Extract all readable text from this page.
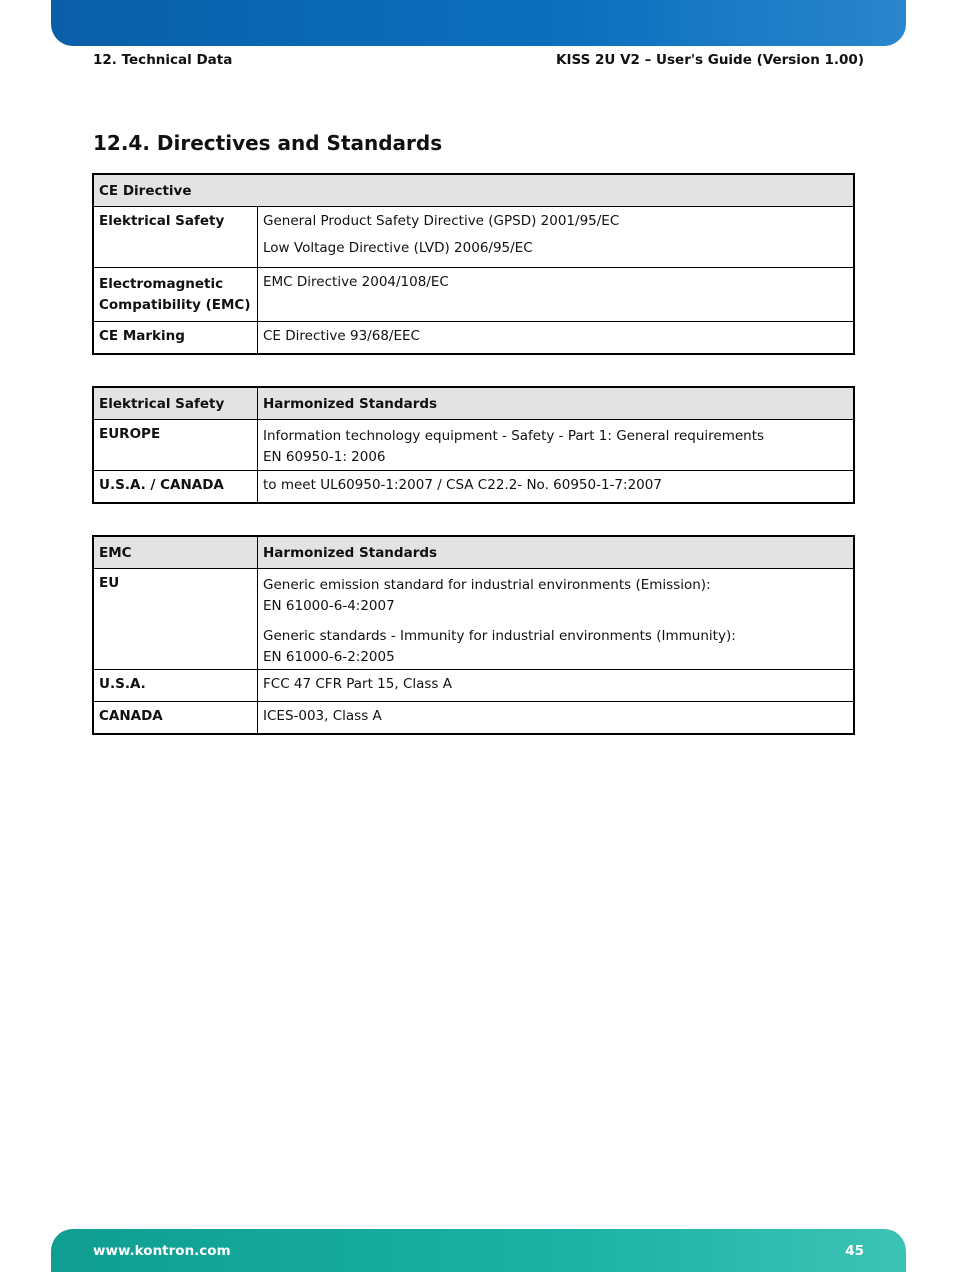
12. Technical Data	KISS 2U V2 – User's Guide (Version 1.00)
12.4. Directives and Standards
CE Directive	

Elektrical Safety	General Product Safety Directive (GPSD) 2001/95/EC

Low Voltage Directive (LVD) 2006/95/EC

Electromagnetic

Compatibility (EMC)	EMC Directive 2004/108/EC

CE Marking	CE Directive 93/68/EEC

Elektrical Safety	Harmonized Standards
EUROPE	Information technology equipment - Safety - Part 1: General requirements

EN 60950-1: 2006

U.S.A. / CANADA	to meet UL60950-1:2007 / CSA C22.2- No. 60950-1-7:2007

EMC	Harmonized Standards
EU	Generic emission standard for industrial environments (Emission):

EN 61000-6-4:2007

Generic standards - Immunity for industrial environments (Immunity):

EN 61000-6-2:2005

U.S.A.	FCC 47 CFR Part 15, Class A

CANADA	ICES-003, Class A

www.kontron.com	45
